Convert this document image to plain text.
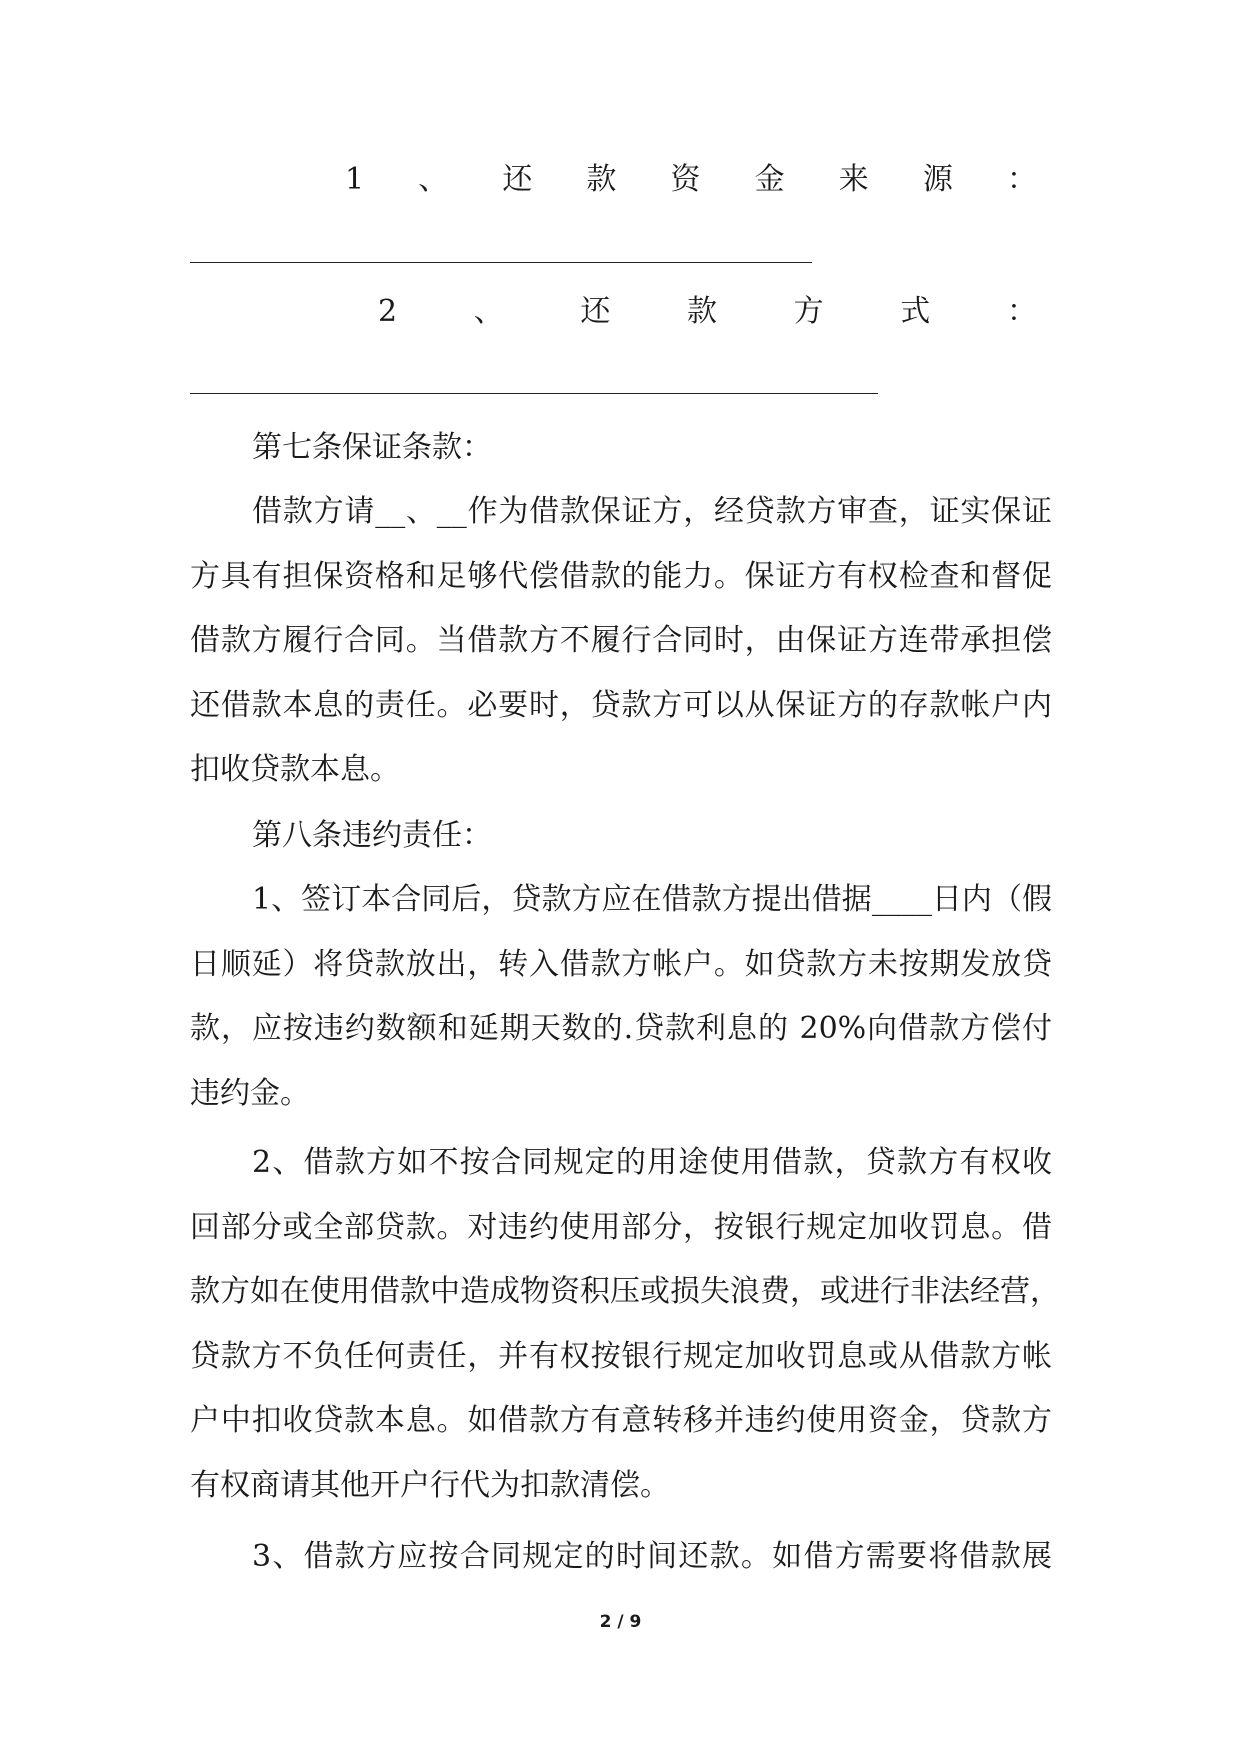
1 、 还 款 资 金 来 源 ：
2	、	还	款	方	式	：
第七条保证条款：

借款方请__、__作为借款保证方，经贷款方审查，证实保证
方具有担保资格和足够代偿借款的能力。保证方有权检查和督促
借款方履行合同。当借款方不履行合同时，由保证方连带承担偿
还借款本息的责任。必要时，贷款方可以从保证方的存款帐户内
扣收贷款本息。

第八条违约责任：

1、签订本合同后，贷款方应在借款方提出借据____日内（假
日顺延）将贷款放出，转入借款方帐户。如贷款方未按期发放贷
款，应按违约数额和延期天数的.贷款利息的 20%向借款方偿付
违约金。

2、借款方如不按合同规定的用途使用借款，贷款方有权收
回部分或全部贷款。对违约使用部分，按银行规定加收罚息。借
款方如在使用借款中造成物资积压或损失浪费，或进行非法经营，
贷款方不负任何责任，并有权按银行规定加收罚息或从借款方帐
户中扣收贷款本息。如借款方有意转移并违约使用资金，贷款方
有权商请其他开户行代为扣款清偿。

3、借款方应按合同规定的时间还款。如借方需要将借款展

2 / 9
